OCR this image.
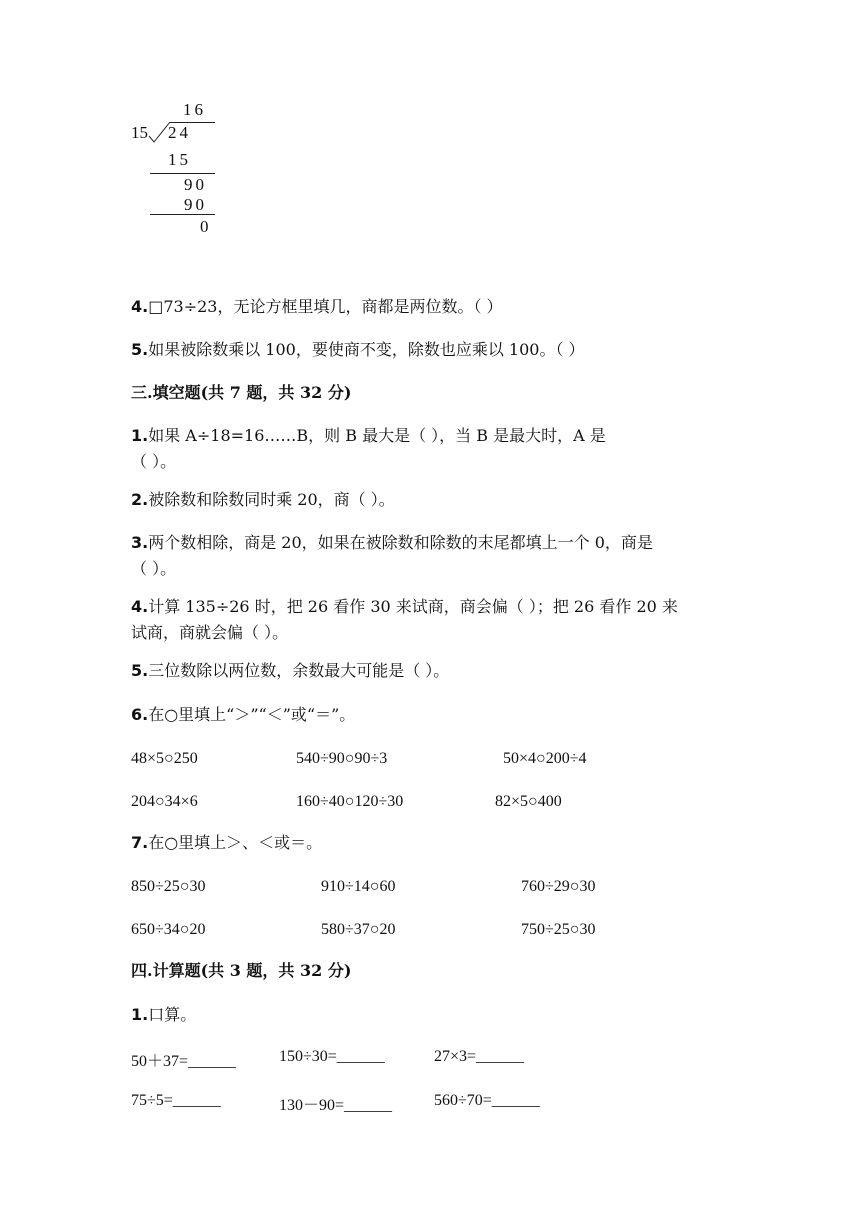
16
15 24
15
90
90
0
4.□73÷23，无论方框里填几，商都是两位数。（ ）
5.如果被除数乘以 100，要使商不变，除数也应乘以 100。（ ）
三.填空题(共 7 题，共 32 分)
1.如果 A÷18=16……B，则 B 最大是（ ），当 B 是最大时，A 是
（ ）。
2.被除数和除数同时乘 20，商（ ）。
3.两个数相除，商是 20，如果在被除数和除数的末尾都填上一个 0，商是
（ ）。
4.计算 135÷26 时，把 26 看作 30 来试商，商会偏（ ）；把 26 看作 20 来
试商，商就会偏（ ）。
5.三位数除以两位数，余数最大可能是（ ）。
6.在○里填上“＞”“＜”或“＝”。
48×5○250	540÷90○90÷3	50×4○200÷4
204○34×6	160÷40○120÷30	82×5○400
7.在○里填上＞、＜或＝。
850÷25○30	910÷14○60	760÷29○30
650÷34○20	580÷37○20	750÷25○30
四.计算题(共 3 题，共 32 分)
1.口算。
50＋37=______	150÷30=______	27×3=______
75÷5=______	130－90=______	560÷70=______
